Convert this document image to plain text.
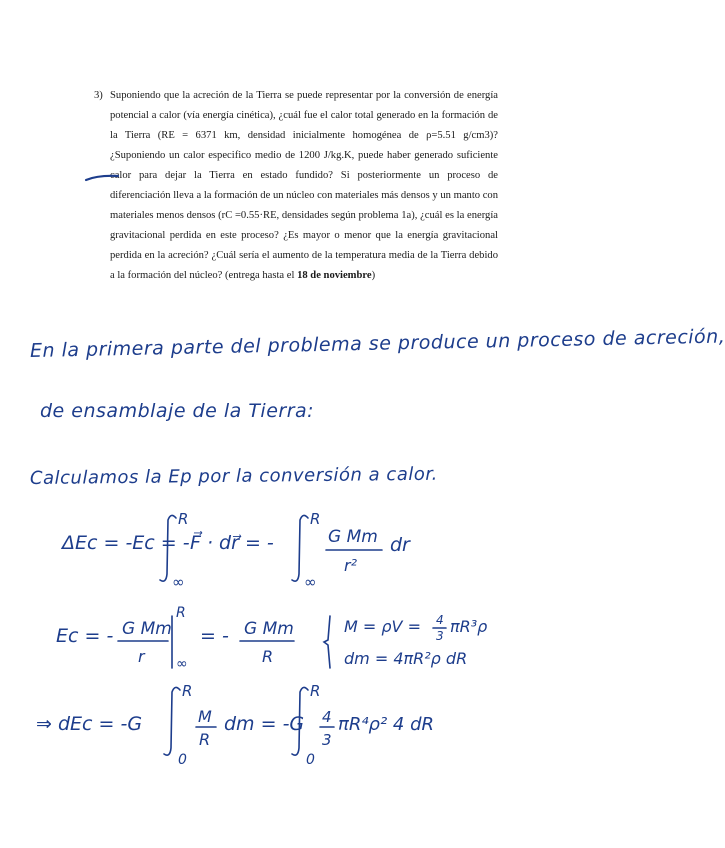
3) Suponiendo que la acreción de la Tierra se puede representar por la conversión de energía potencial a calor (vía energía cinética), ¿cuál fue el calor total generado en la formación de la Tierra (RE = 6371 km, densidad inicialmente homogénea de ρ=5.51 g/cm3)? ¿Suponiendo un calor especifico medio de 1200 J/kg.K, puede haber generado suficiente calor para dejar la Tierra en estado fundido? Si posteriormente un proceso de diferenciación lleva a la formación de un núcleo con materiales más densos y un manto con materiales menos densos (rC =0.55·RE, densidades según problema 1a), ¿cuál es la energía gravitacional perdida en este proceso? ¿Es mayor o menor que la energía gravitacional perdida en la acreción? ¿Cuál sería el aumento de la temperatura media de la Tierra debido a la formación del núcleo? (entrega hasta el 18 de noviembre)
ΔEc = -Ec = -
R
∞
F⃗ · dr⃗ = -
R
∞
G Mm
r²
dr
Ec = - G Mm
r
R
∞
= - G Mm
R
M = ρV = 4
3 πR³ρ
dm = 4πR²ρ dR
⇒ dEc = -G
R
0
M
R
dm = -G
R
0
4
3
πR⁴ρ² 4 dR
En la primera parte del problema se produce un proceso de acreción,
de ensamblaje de la Tierra:
Calculamos la Ep por la conversión a calor.
